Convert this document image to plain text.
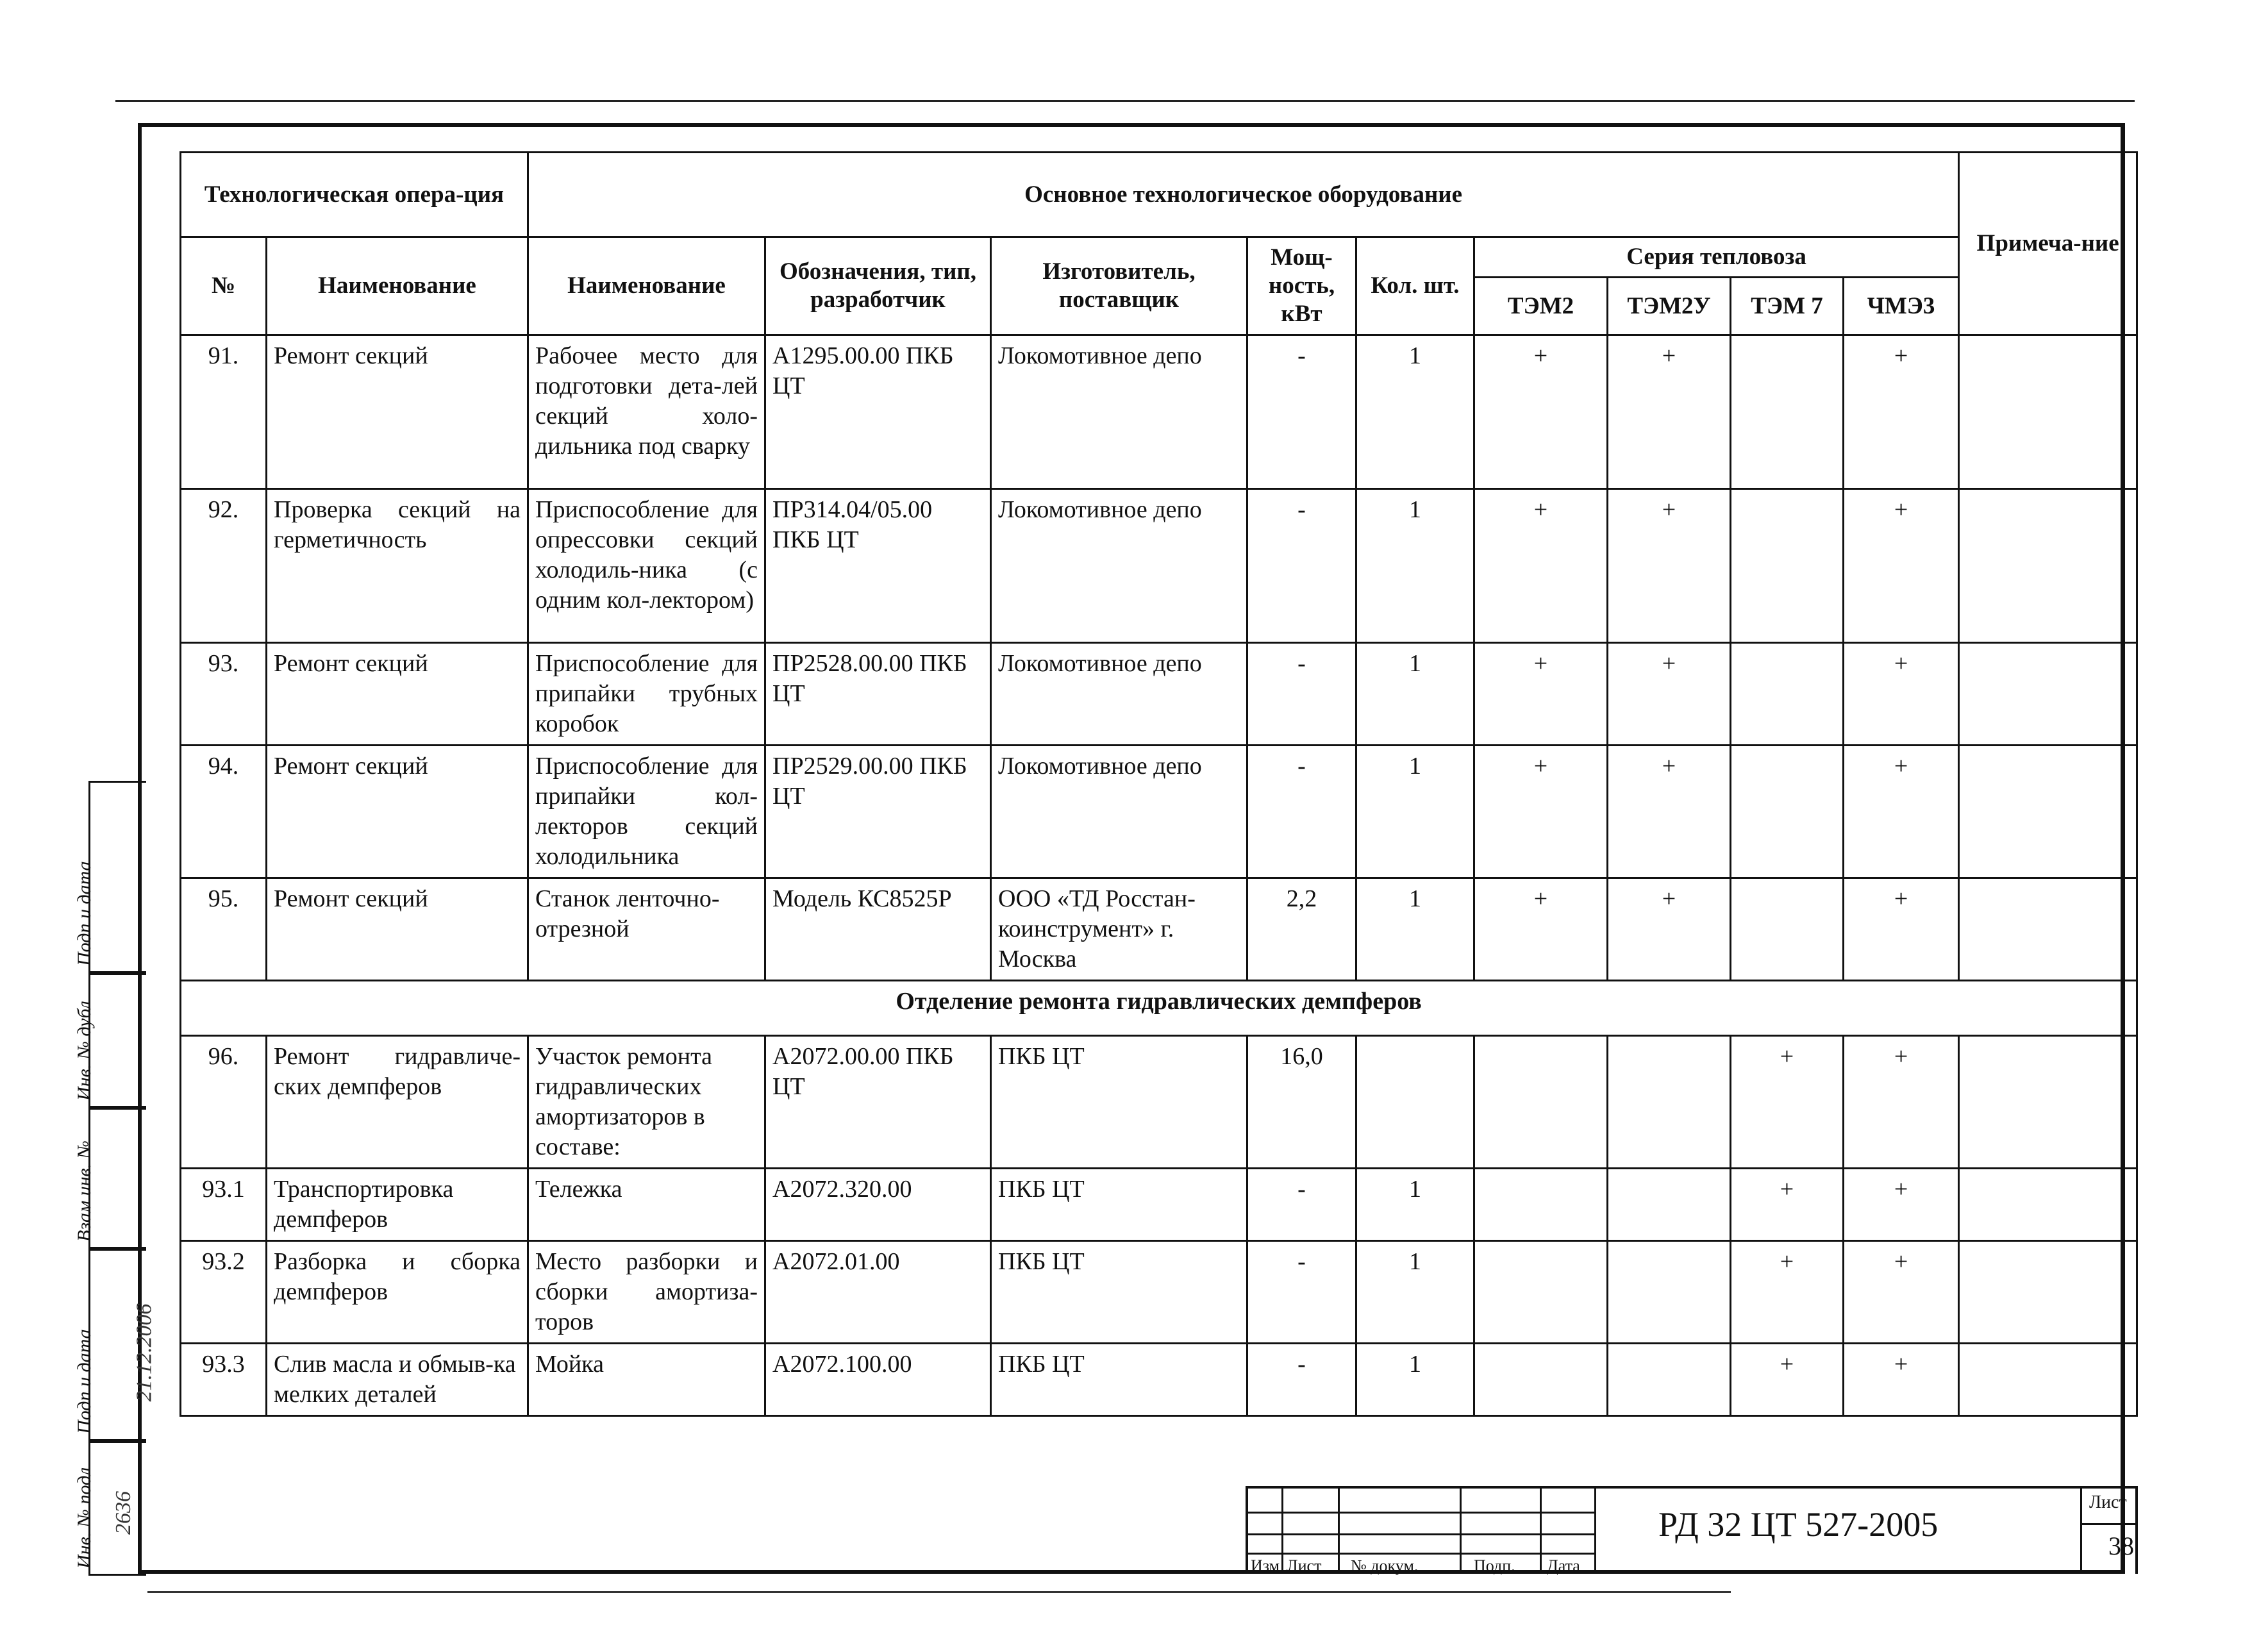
Технологическая опера-ция		Основное технологическое оборудование									Примеча-ние
№	Наименование	Наименование	Обозначения, тип, разработчик	Изготовитель, поставщик	Мощ-ность, кВт	Кол. шт.	Серия тепловоза				
							ТЭМ2	ТЭМ2У	ТЭМ 7	ЧМЭ3	
91.	Ремонт секций	Рабочее место для подготовки дета-лей секций холо-дильника под сварку	А1295.00.00 ПКБ ЦТ	Локомотивное депо	-	1	+	+		+	
92.	Проверка секций на герметичность	Приспособление для опрессовки секций холодиль-ника (с одним кол-лектором)	ПР314.04/05.00 ПКБ ЦТ	Локомотивное депо	-	1	+	+		+	
93.	Ремонт секций	Приспособление для припайки трубных коробок	ПР2528.00.00 ПКБ ЦТ	Локомотивное депо	-	1	+	+		+	
94.	Ремонт секций	Приспособление для припайки кол-лекторов секций холодильника	ПР2529.00.00 ПКБ ЦТ	Локомотивное депо	-	1	+	+		+	
95.	Ремонт секций	Станок ленточно-отрезной	Модель КС8525Р	ООО «ТД Росстан-коинструмент» г. Москва	2,2	1	+	+		+	
Отделение ремонта гидравлических демпферов											
96.	Ремонт гидравличе-ских демпферов	Участок ремонта гидравлических амортизаторов в составе:	А2072.00.00 ПКБ ЦТ	ПКБ ЦТ	16,0				+	+	
93.1	Транспортировка демпферов	Тележка	А2072.320.00	ПКБ ЦТ	-	1			+	+	
93.2	Разборка и сборка демпферов	Место разборки и сборки амортиза-торов	А2072.01.00	ПКБ ЦТ	-	1			+	+	
93.3	Слив масла и обмыв-ка мелких деталей	Мойка	А2072.100.00	ПКБ ЦТ	-	1			+	+	
Подп и дата
Инв. № дубл
Взам инв. №
Подп и дата 21.12.2006
Инв. № подл 2636
Изм Лист № докум.	Подп. Дата
РД 32 ЦТ 527-2005
Лист
38
